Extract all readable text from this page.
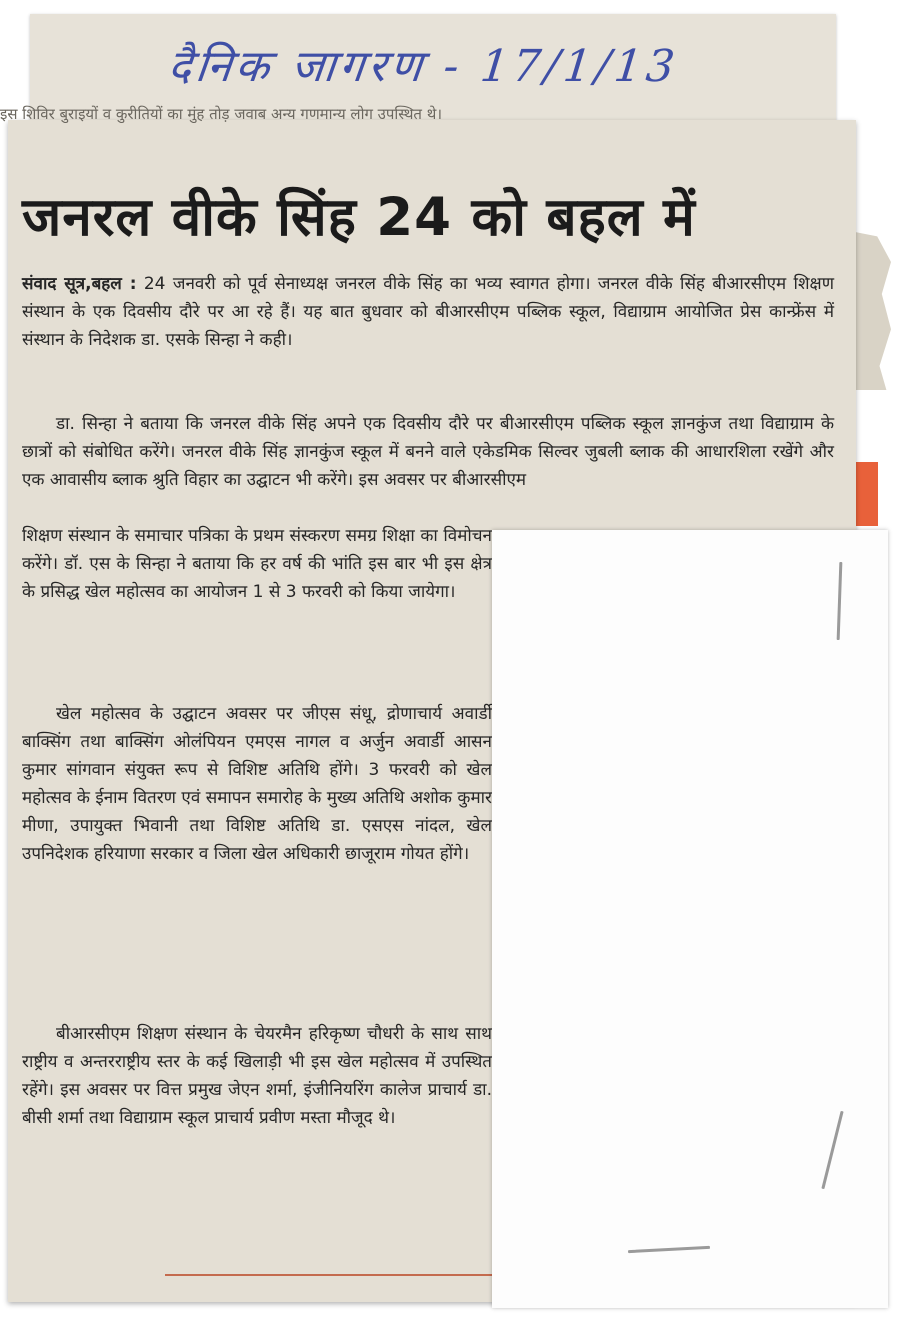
दैनिक जागरण - 17/1/13
इस शिविर बुराइयों व कुरीतियों का मुंह तोड़ जवाब अन्य गणमान्य लोग उपस्थित थे।
जनरल वीके सिंह 24 को बहल में

संवाद सूत्र,बहल : 24 जनवरी को पूर्व सेनाध्यक्ष जनरल वीके सिंह का भव्य स्वागत होगा। जनरल वीके सिंह बीआरसीएम शिक्षण संस्थान के एक दिवसीय दौरे पर आ रहे हैं। यह बात बुधवार को बीआरसीएम पब्लिक स्कूल, विद्याग्राम आयोजित प्रेस कान्फ्रेंस में संस्थान के निदेशक डा. एसके सिन्हा ने कही।

डा. सिन्हा ने बताया कि जनरल वीके सिंह अपने एक दिवसीय दौरे पर बीआरसीएम पब्लिक स्कूल ज्ञानकुंज तथा विद्याग्राम के छात्रों को संबोधित करेंगे। जनरल वीके सिंह ज्ञानकुंज स्कूल में बनने वाले एकेडमिक सिल्वर जुबली ब्लाक की आधारशिला रखेंगे और एक आवासीय ब्लाक श्रुति विहार का उद्घाटन भी करेंगे। इस अवसर पर बीआरसीएम

शिक्षण संस्थान के समाचार पत्रिका के प्रथम संस्करण समग्र शिक्षा का विमोचन करेंगे। डॉ. एस के सिन्हा ने बताया कि हर वर्ष की भांति इस बार भी इस क्षेत्र के प्रसिद्ध खेल महोत्सव का आयोजन 1 से 3 फरवरी को किया जायेगा।

खेल महोत्सव के उद्घाटन अवसर पर जीएस संधू, द्रोणाचार्य अवार्डी बाक्सिंग तथा बाक्सिंग ओलंपियन एमएस नागल व अर्जुन अवार्डी आसन कुमार सांगवान संयुक्त रूप से विशिष्ट अतिथि होंगे। 3 फरवरी को खेल महोत्सव के ईनाम वितरण एवं समापन समारोह के मुख्य अतिथि अशोक कुमार मीणा, उपायुक्त भिवानी तथा विशिष्ट अतिथि डा. एसएस नांदल, खेल उपनिदेशक हरियाणा सरकार व जिला खेल अधिकारी छाजूराम गोयत होंगे।

बीआरसीएम शिक्षण संस्थान के चेयरमैन हरिकृष्ण चौधरी के साथ साथ राष्ट्रीय व अन्तरराष्ट्रीय स्तर के कई खिलाड़ी भी इस खेल महोत्सव में उपस्थित रहेंगे। इस अवसर पर वित्त प्रमुख जेएन शर्मा, इंजीनियरिंग कालेज प्राचार्य डा. बीसी शर्मा तथा विद्याग्राम स्कूल प्राचार्य प्रवीण मस्ता मौजूद थे।
